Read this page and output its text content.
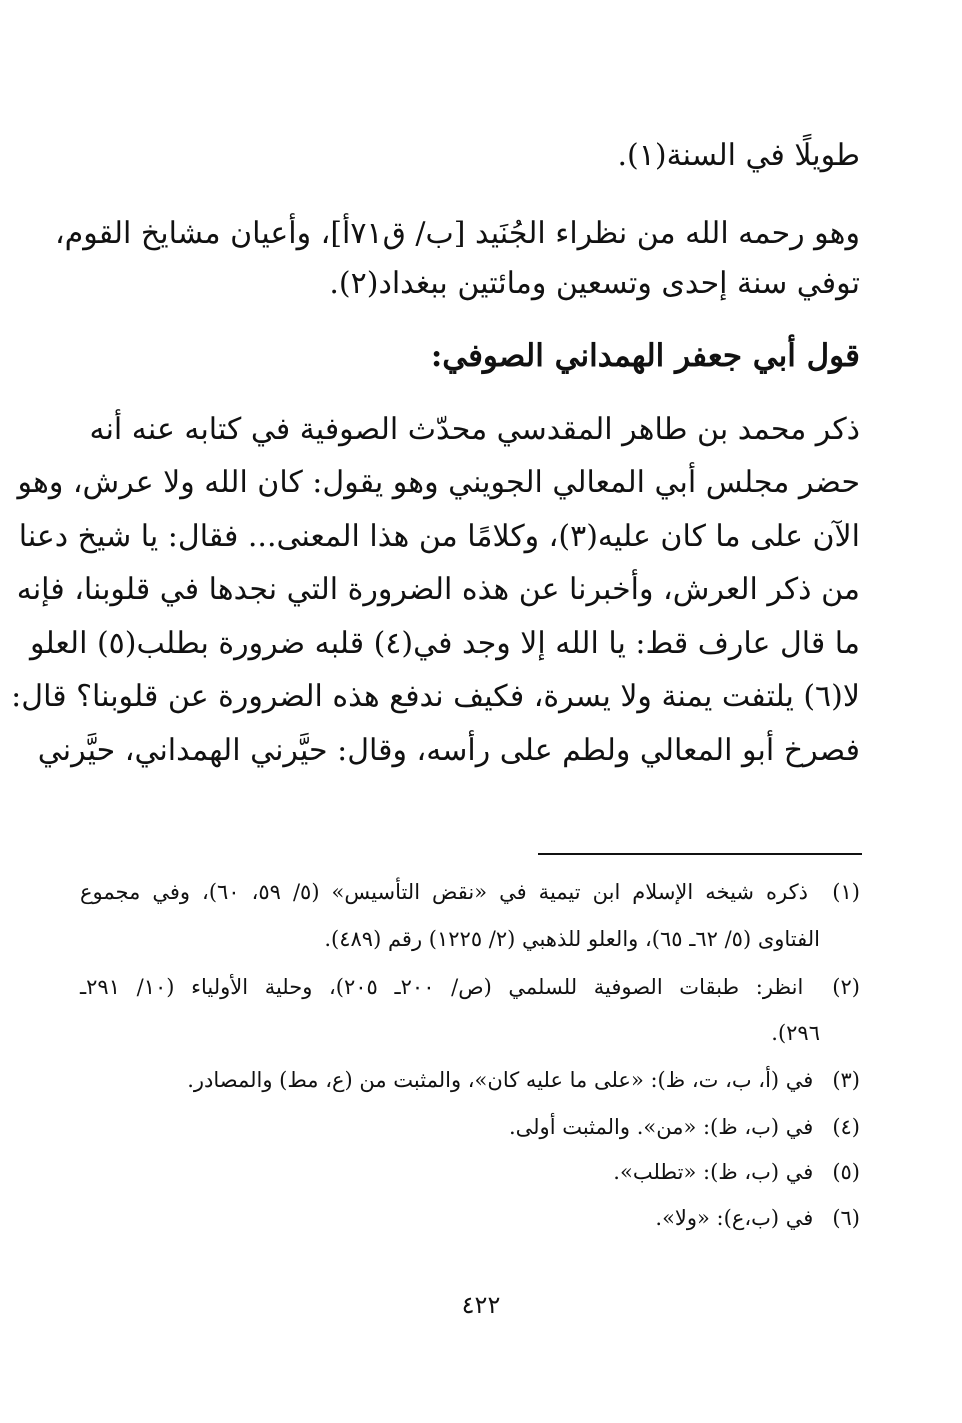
طويلًا في السنة(١).
وهو رحمه الله من نظراء الجُنَيد [ب/ ق٧١أ]، وأعيان مشايخ القوم،
توفي سنة إحدى وتسعين ومائتين ببغداد(٢).
قول أبي جعفر الهمداني الصوفي:
ذكر محمد بن طاهر المقدسي محدّث الصوفية في كتابه عنه أنه
حضر مجلس أبي المعالي الجويني وهو يقول: كان الله ولا عرش، وهو
الآن على ما كان عليه(٣)، وكلامًا من هذا المعنى... فقال: يا شيخ دعنا
من ذكر العرش، وأخبرنا عن هذه الضرورة التي نجدها في قلوبنا، فإنه
ما قال عارف قط: يا الله إلا وجد في(٤) قلبه ضرورة بطلب(٥) العلو
لا(٦) يلتفت يمنة ولا يسرة، فكيف ندفع هذه الضرورة عن قلوبنا؟ قال:
فصرخ أبو المعالي ولطم على رأسه، وقال: حيَّرني الهمداني، حيَّرني
(١) ذكره شيخه الإسلام ابن تيمية في «نقض التأسيس» (٥/ ٥٩، ٦٠)، وفي مجموع
الفتاوى (٥/ ٦٢ـ ٦٥)، والعلو للذهبي (٢/ ١٢٢٥) رقم (٤٨٩).
(٢) انظر: طبقات الصوفية للسلمي (ص/ ٢٠٠ـ ٢٠٥)، وحلية الأولياء (١٠/ ٢٩١ـ
٢٩٦).
(٣) في (أ، ب، ت، ظ): «على ما عليه كان»، والمثبت من (ع، مط) والمصادر.
(٤) في (ب، ظ): «من». والمثبت أولى.
(٥) في (ب، ظ): «تطلب».
(٦) في (ب،ع): «ولا».
٤٢٢
